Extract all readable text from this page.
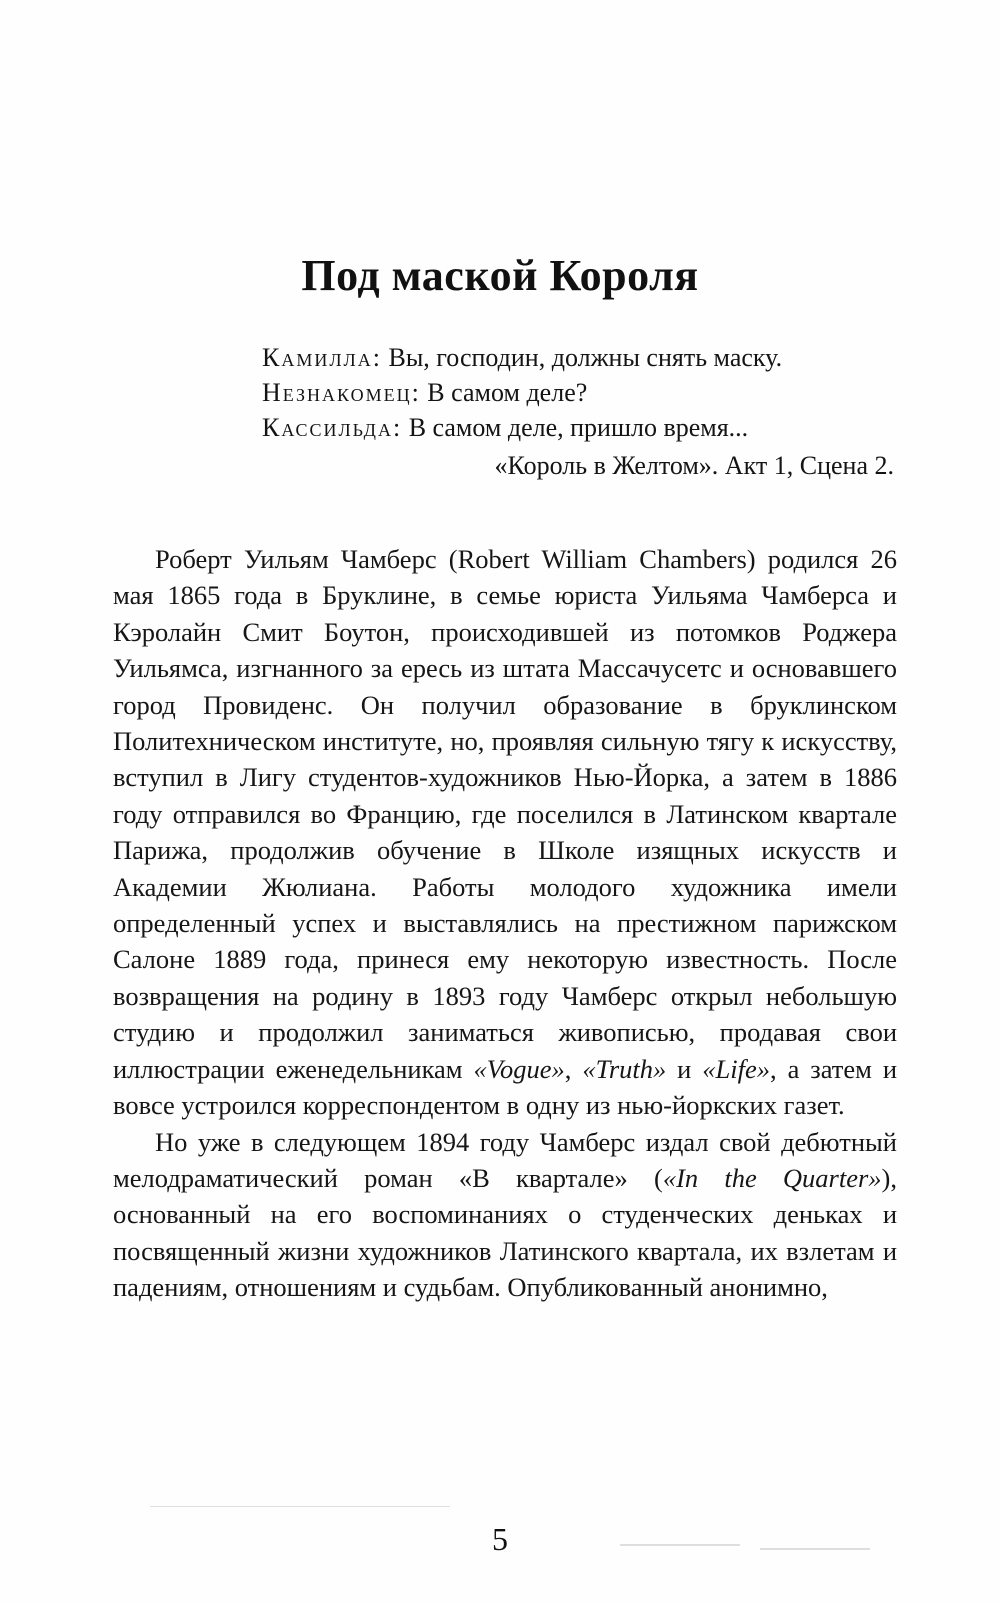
Под маской Короля
Камилла: Вы, господин, должны снять маску.
Незнакомец: В самом деле?
Кассильда: В самом деле, пришло время...
«Король в Желтом». Акт 1, Сцена 2.

Роберт Уильям Чамберс (Robert William Chambers) родился 26 мая 1865 года в Бруклине, в семье юриста Уильяма Чамберса и Кэролайн Смит Боутон, происходившей из потомков Роджера Уильямса, изгнанного за ересь из штата Массачусетс и основавшего город Провиденс. Он получил образование в бруклинском Политехническом институте, но, проявляя сильную тягу к искусству, вступил в Лигу студентов-художников Нью-Йорка, а затем в 1886 году отправился во Францию, где поселился в Латинском квартале Парижа, продолжив обучение в Школе изящных искусств и Академии Жюлиана. Работы молодого художника имели определенный успех и выставлялись на престижном парижском Салоне 1889 года, принеся ему некоторую известность. После возвращения на родину в 1893 году Чамберс открыл небольшую студию и продолжил заниматься живописью, продавая свои иллюстрации еженедельникам «Vogue», «Truth» и «Life», а затем и вовсе устроился корреспондентом в одну из нью-йоркских газет.

Но уже в следующем 1894 году Чамберс издал свой дебютный мелодраматический роман «В квартале» («In the Quarter»), основанный на его воспоминаниях о студенческих деньках и посвященный жизни художников Латинского квартала, их взлетам и падениям, отношениям и судьбам. Опубликованный анонимно,

5
